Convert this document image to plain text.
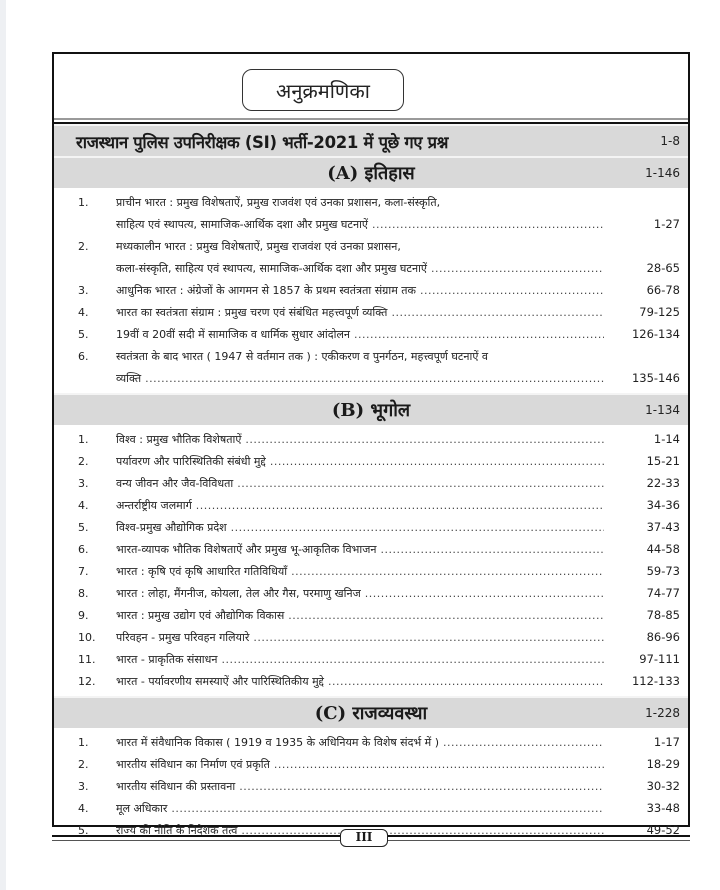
अनुक्रमणिका
राजस्थान पुलिस उपनिरीक्षक (SI) भर्ती-2021 में पूछे गए प्रश्न	1-8
(A) इतिहास	1-146
1.	प्राचीन भारत : प्रमुख विशेषताऐं, प्रमुख राजवंश एवं उनका प्रशासन, कला-संस्कृति,
साहित्य एवं स्थापत्य, सामाजिक-आर्थिक दशा और प्रमुख घटनाऐं .....	1-27
2.	मध्यकालीन भारत : प्रमुख विशेषताऐं, प्रमुख राजवंश एवं उनका प्रशासन,
कला-संस्कृति, साहित्य एवं स्थापत्य, सामाजिक-आर्थिक दशा और प्रमुख घटनाऐं .....	28-65
3.	आधुनिक भारत : अंग्रेजों के आगमन से 1857 के प्रथम स्वतंत्रता संग्राम तक .....	66-78
4.	भारत का स्वतंत्रता संग्राम : प्रमुख चरण एवं संबंधित महत्त्वपूर्ण व्यक्ति .....	79-125
5.	19वीं व 20वीं सदी में सामाजिक व धार्मिक सुधार आंदोलन .....	126-134
6.	स्वतंत्रता के बाद भारत ( 1947 से वर्तमान तक ) : एकीकरण व पुनर्गठन, महत्त्वपूर्ण घटनाऐं व
व्यक्ति .....	135-146
(B) भूगोल	1-134
1.	विश्व : प्रमुख भौतिक विशेषताऐं .....	1-14
2.	पर्यावरण और पारिस्थितिकी संबंधी मुद्दे .....	15-21
3.	वन्य जीवन और जैव-विविधता .....	22-33
4.	अन्तर्राष्ट्रीय जलमार्ग .....	34-36
5.	विश्व-प्रमुख औद्योगिक प्रदेश .....	37-43
6.	भारत-व्यापक भौतिक विशेषताऐं और प्रमुख भू-आकृतिक विभाजन .....	44-58
7.	भारत : कृषि एवं कृषि आधारित गतिविधियाँ .....	59-73
8.	भारत : लोहा, मैंगनीज, कोयला, तेल और गैस, परमाणु खनिज .....	74-77
9.	भारत : प्रमुख उद्योग एवं औद्योगिक विकास .....	78-85
10. परिवहन - प्रमुख परिवहन गलियारे .....	86-96
11. भारत - प्राकृतिक संसाधन .....	97-111
12. भारत - पर्यावरणीय समस्याऐं और पारिस्थितिकीय मुद्दे .....	112-133
(C) राजव्यवस्था	1-228
1.	भारत में संवैधानिक विकास ( 1919 व 1935 के अधिनियम के विशेष संदर्भ में ) .....	1-17
2.	भारतीय संविधान का निर्माण एवं प्रकृति .....	18-29
3.	भारतीय संविधान की प्रस्तावना .....	30-32
4.	मूल अधिकार .....	33-48
5.	राज्य की नीति के निदेशक तत्व .....	49-52
III
